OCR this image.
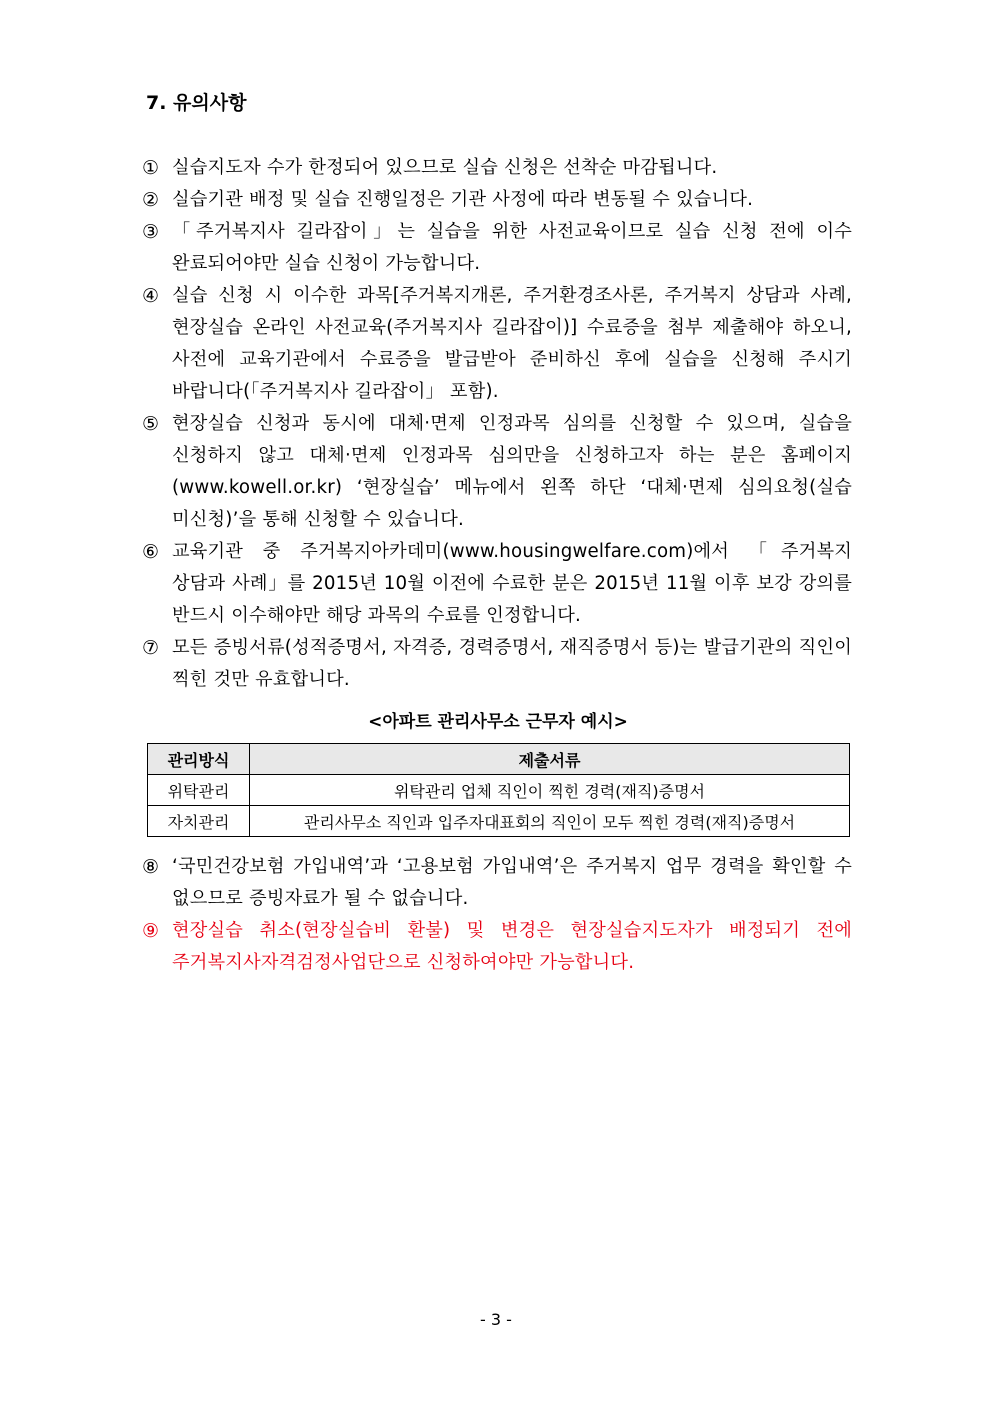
7. 유의사항
① 실습지도자 수가 한정되어 있으므로 실습 신청은 선착순 마감됩니다.
② 실습기관 배정 및 실습 진행일정은 기관 사정에 따라 변동될 수 있습니다.
③ 「주거복지사 길라잡이」는 실습을 위한 사전교육이므로 실습 신청 전에 이수 완료되어야만 실습 신청이 가능합니다.
④ 실습 신청 시 이수한 과목[주거복지개론, 주거환경조사론, 주거복지 상담과 사례, 현장실습 온라인 사전교육(주거복지사 길라잡이)] 수료증을 첨부 제출해야 하오니, 사전에 교육기관에서 수료증을 발급받아 준비하신 후에 실습을 신청해 주시기 바랍니다(「주거복지사 길라잡이」 포함).
⑤ 현장실습 신청과 동시에 대체·면제 인정과목 심의를 신청할 수 있으며, 실습을 신청하지 않고 대체·면제 인정과목 심의만을 신청하고자 하는 분은 홈페이지(www.kowell.or.kr) ‘현장실습’ 메뉴에서 왼쪽 하단 ‘대체·면제 심의요청(실습 미신청)’을 통해 신청할 수 있습니다.
⑥ 교육기관 중 주거복지아카데미(www.housingwelfare.com)에서 「주거복지 상담과 사례」를 2015년 10월 이전에 수료한 분은 2015년 11월 이후 보강 강의를 반드시 이수해야만 해당 과목의 수료를 인정합니다.
⑦ 모든 증빙서류(성적증명서, 자격증, 경력증명서, 재직증명서 등)는 발급기관의 직인이 찍힌 것만 유효합니다.
<아파트 관리사무소 근무자 예시>
관리방식	제출서류
위탁관리	위탁관리 업체 직인이 찍힌 경력(재직)증명서
자치관리	관리사무소 직인과 입주자대표회의 직인이 모두 찍힌 경력(재직)증명서
⑧ ‘국민건강보험 가입내역’과 ‘고용보험 가입내역’은 주거복지 업무 경력을 확인할 수 없으므로 증빙자료가 될 수 없습니다.
⑨ 현장실습 취소(현장실습비 환불) 및 변경은 현장실습지도자가 배정되기 전에 주거복지사자격검정사업단으로 신청하여야만 가능합니다.
- 3 -
